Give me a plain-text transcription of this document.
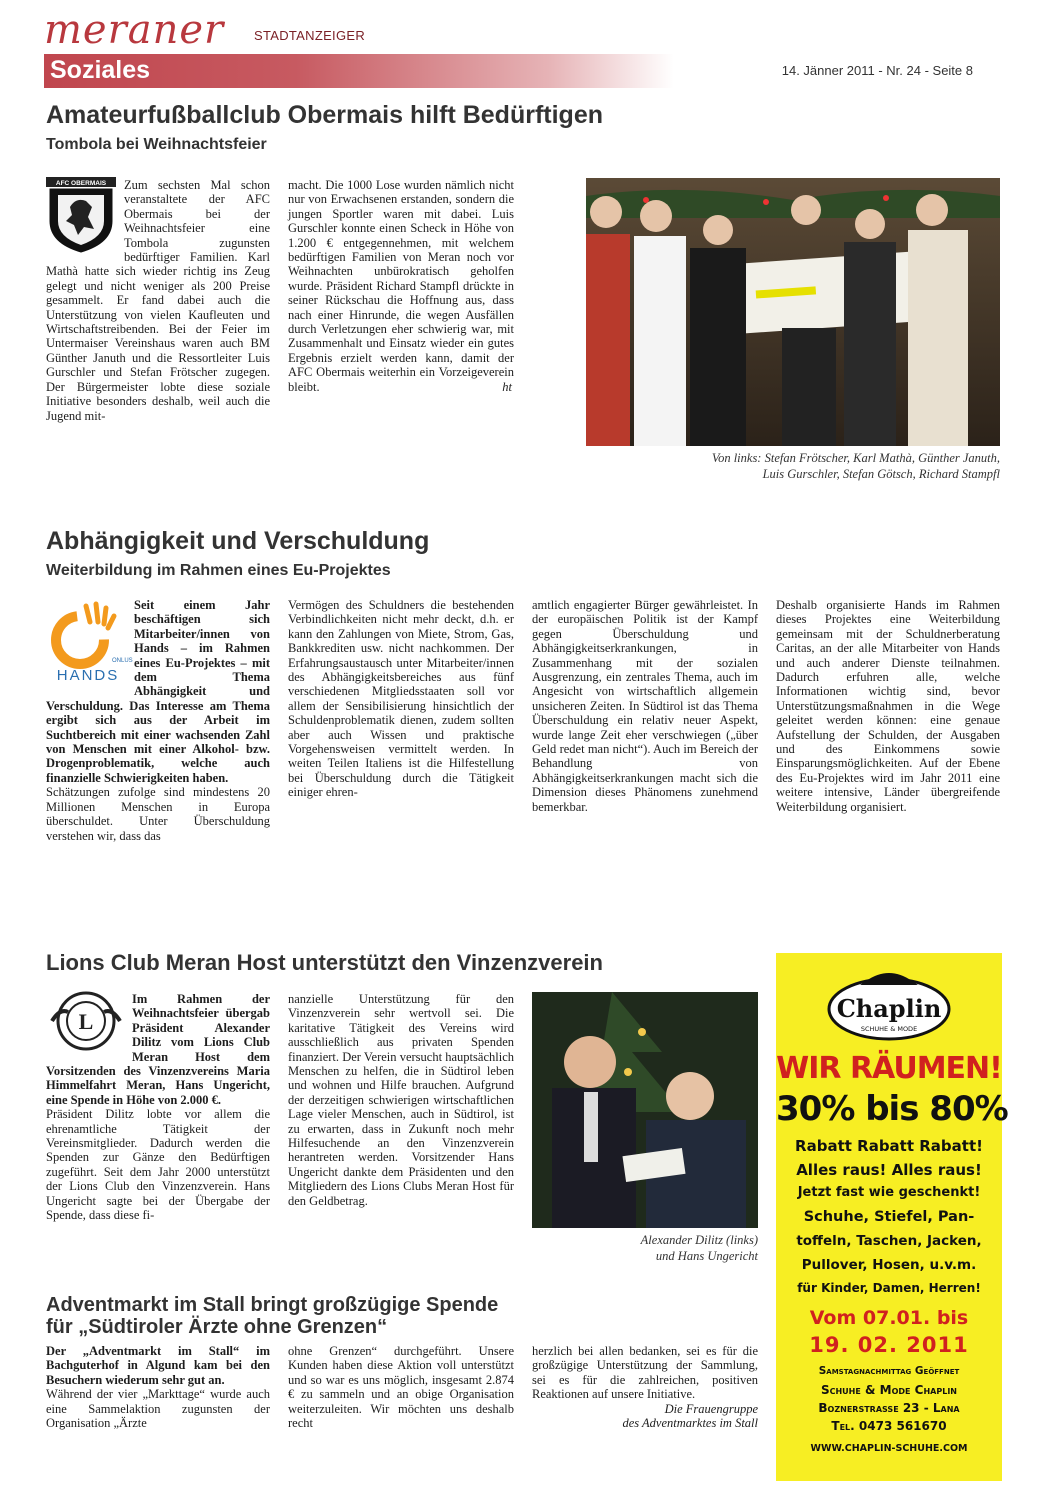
meraner	STADTANZEIGER
Soziales	14. Jänner 2011 - Nr. 24 - Seite 8
Amateurfußballclub Obermais hilft Bedürftigen
Tombola bei Weihnachtsfeier
AFC OBERMAIS	Zum sechsten Mal schon veranstaltete der AFC Obermais bei der Weihnachtsfeier eine Tombola zugunsten bedürftiger Familien. Karl Mathà hatte sich wieder richtig ins Zeug gelegt und nicht weniger als 200 Preise gesammelt. Er fand dabei auch die Unterstützung von vielen Kaufleuten und Wirtschaftstreibenden. Bei der Feier im Untermaiser Vereinshaus waren auch BM Günther Januth und die Ressortleiter Luis Gurschler und Stefan Frötscher zugegen. Der Bürgermeister lobte diese soziale Initiative besonders deshalb, weil auch die Jugend mit-

macht. Die 1000 Lose wurden nämlich nicht nur von Erwachsenen erstanden, sondern die jungen Sportler waren mit dabei. Luis Gurschler konnte einen Scheck in Höhe von 1.200 € entgegennehmen, mit welchem bedürftigen Familien von Meran noch vor Weihnachten unbürokratisch geholfen wurde. Präsident Richard Stampfl drückte in seiner Rückschau die Hoffnung aus, dass nach einer Hinrunde, die wegen Ausfällen durch Verletzungen eher schwierig war, mit Zusammenhalt und Einsatz wieder ein gutes Ergebnis erzielt werden kann, damit der AFC Obermais weiterhin ein Vorzeigeverein bleibt.	ht

Von links: Stefan Frötscher, Karl Mathà, Günther Januth,
Luis Gurschler, Stefan Götsch, Richard Stampfl
Abhängigkeit und Verschuldung
Weiterbildung im Rahmen eines Eu-Projektes
ONLUS
HANDS

Seit einem Jahr beschäftigen sich Mitarbeiter/innen von Hands – im Rahmen eines Eu-Projektes – mit dem Thema Abhängigkeit und Verschuldung. Das Interesse am Thema ergibt sich aus der Arbeit im Suchtbereich mit einer wachsenden Zahl von Menschen mit einer Alkohol- bzw. Drogenproblematik, welche auch finanzielle Schwierigkeiten haben.

Schätzungen zufolge sind mindestens 20 Millionen Menschen in Europa überschuldet. Unter Überschuldung verstehen wir, dass das

Vermögen des Schuldners die bestehenden Verbindlichkeiten nicht mehr deckt, d.h. er kann den Zahlungen von Miete, Strom, Gas, Bankkrediten usw. nicht nachkommen. Der Erfahrungsaustausch unter Mitarbeiter/innen des Abhängigkeitsbereiches aus fünf verschiedenen Mitgliedsstaaten soll vor allem der Sensibilisierung hinsichtlich der Schuldenproblematik dienen, zudem sollten aber auch Wissen und praktische Vorgehensweisen vermittelt werden. In weiten Teilen Italiens ist die Hilfestellung bei Überschuldung durch die Tätigkeit einiger ehren-

amtlich engagierter Bürger gewährleistet. In der europäischen Politik ist der Kampf gegen Überschuldung und Abhängigkeitserkrankungen, in Zusammenhang mit der sozialen Ausgrenzung, ein zentrales Thema, auch im Angesicht von wirtschaftlich allgemein unsicheren Zeiten. In Südtirol ist das Thema Überschuldung ein relativ neuer Aspekt, wurde lange Zeit eher verschwiegen („über Geld redet man nicht“). Auch im Bereich der Behandlung von Abhängigkeitserkrankungen macht sich die Dimension dieses Phänomens zunehmend bemerkbar.

Deshalb organisierte Hands im Rahmen dieses Projektes eine Weiterbildung gemeinsam mit der Schuldnerberatung Caritas, an der alle Mitarbeiter von Hands und auch anderer Dienste teilnahmen. Dadurch erfuhren alle, welche Informationen wichtig sind, bevor Unterstützungsmaßnahmen in die Wege geleitet werden können: eine genaue Aufstellung der Schulden, der Ausgaben und des Einkommens sowie Einsparungsmöglichkeiten. Auf der Ebene des Eu-Projektes wird im Jahr 2011 eine weitere intensive, Länder übergreifende Weiterbildung organisiert.

Lions Club Meran Host unterstützt den Vinzenzverein
L

Im Rahmen der Weihnachtsfeier übergab Präsident Alexander Dilitz vom Lions Club Meran Host dem Vorsitzenden des Vinzenzvereins Maria Himmelfahrt Meran, Hans Ungericht, eine Spende in Höhe von 2.000 €.

Präsident Dilitz lobte vor allem die ehrenamtliche Tätigkeit der Vereinsmitglieder. Dadurch werden die Spenden zur Gänze den Bedürftigen zugeführt. Seit dem Jahr 2000 unterstützt der Lions Club den Vinzenzverein. Hans Ungericht sagte bei der Übergabe der Spende, dass diese fi-

nanzielle Unterstützung für den Vinzenzverein sehr wertvoll sei. Die karitative Tätigkeit des Vereins wird ausschließlich aus privaten Spenden finanziert. Der Verein versucht hauptsächlich Menschen zu helfen, die in Südtirol leben und wohnen und Hilfe brauchen. Aufgrund der derzeitigen schwierigen wirtschaftlichen Lage vieler Menschen, auch in Südtirol, ist zu erwarten, dass in Zukunft noch mehr Hilfesuchende an den Vinzenzverein herantreten werden. Vorsitzender Hans Ungericht dankte dem Präsidenten und den Mitgliedern des Lions Clubs Meran Host für den Geldbetrag.

Alexander Dilitz (links)
und Hans Ungericht
Adventmarkt im Stall bringt großzügige Spende
für „Südtiroler Ärzte ohne Grenzen“

Der „Adventmarkt im Stall“ im Bachguterhof in Algund kam bei den Besuchern wiederum sehr gut an.

Während der vier „Markttage“ wurde auch eine Sammelaktion zugunsten der Organisation „Ärzte

ohne Grenzen“ durchgeführt. Unsere Kunden haben diese Aktion voll unterstützt und so war es uns möglich, insgesamt 2.874 € zu sammeln und an obige Organisation weiterzuleiten. Wir möchten uns deshalb recht

herzlich bei allen bedanken, sei es für die großzügige Unterstützung der Sammlung, sei es für die zahlreichen, positiven Reaktionen auf unsere Initiative.

Die Frauengruppe

des Adventmarktes im Stall

Chaplin
SCHUHE & MODE
WIR RÄUMEN!
30% bis 80%
Rabatt Rabatt Rabatt!
Alles raus! Alles raus!
Jetzt fast wie geschenkt!
Schuhe, Stiefel, Pan-
toffeln, Taschen, Jacken,
Pullover, Hosen, u.v.m.
für Kinder, Damen, Herren!
Vom 07.01. bis
19. 02. 2011
Samstagnachmittag Geöffnet
Schuhe & Mode Chaplin
Boznerstrasse 23 - Lana
Tel. 0473 561670
WWW.CHAPLIN-SCHUHE.COM
